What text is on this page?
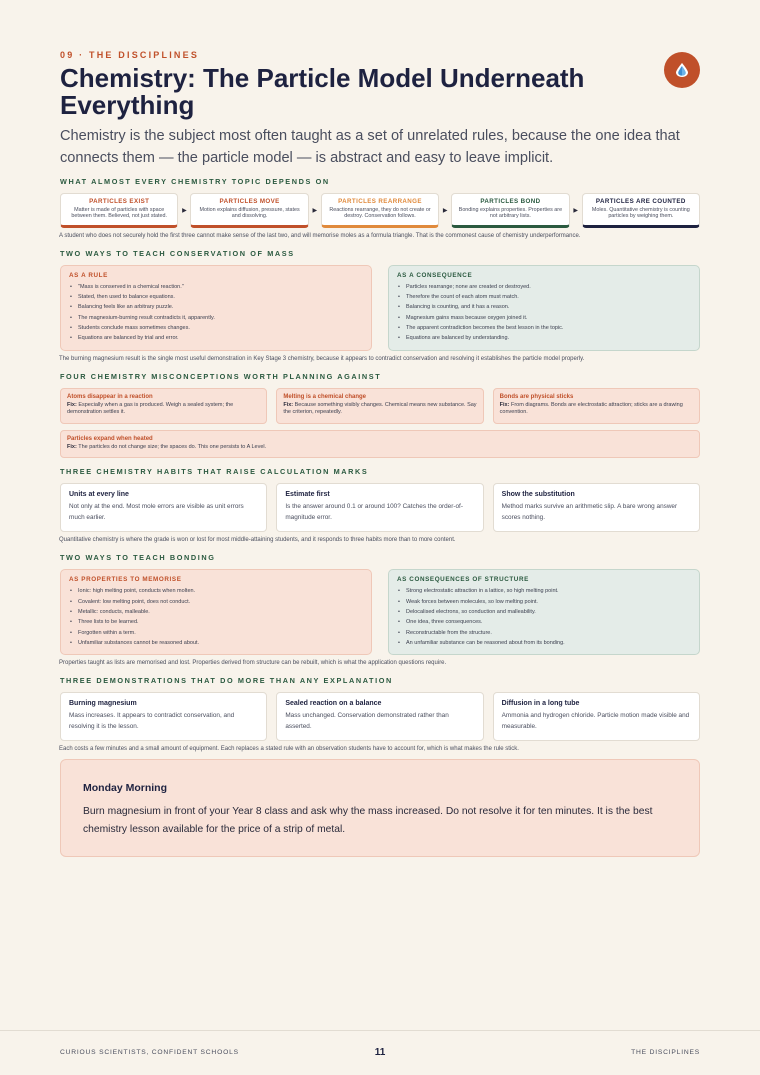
09 · THE DISCIPLINES
Chemistry: The Particle Model Underneath Everything

Chemistry is the subject most often taught as a set of unrelated rules, because the one idea that connects them — the particle model — is abstract and easy to leave implicit.

WHAT ALMOST EVERY CHEMISTRY TOPIC DEPENDS ON
PARTICLES EXIST
Matter is made of particles with space between them. Believed, not just stated.
▶
PARTICLES MOVE
Motion explains diffusion, pressure, states and dissolving.
▶
PARTICLES REARRANGE
Reactions rearrange, they do not create or destroy. Conservation follows.
▶
PARTICLES BOND
Bonding explains properties. Properties are not arbitrary lists.
▶
PARTICLES ARE COUNTED
Moles. Quantitative chemistry is counting particles by weighing them.
A student who does not securely hold the first three cannot make sense of the last two, and will memorise moles as a formula triangle. That is the commonest cause of chemistry underperformance.
TWO WAYS TO TEACH CONSERVATION OF MASS
AS A RULE
• "Mass is conserved in a chemical reaction."
• Stated, then used to balance equations.
• Balancing feels like an arbitrary puzzle.
• The magnesium-burning result contradicts it, apparently.
• Students conclude mass sometimes changes.
• Equations are balanced by trial and error.
AS A CONSEQUENCE
• Particles rearrange; none are created or destroyed.
• Therefore the count of each atom must match.
• Balancing is counting, and it has a reason.
• Magnesium gains mass because oxygen joined it.
• The apparent contradiction becomes the best lesson in the topic.
• Equations are balanced by understanding.
The burning magnesium result is the single most useful demonstration in Key Stage 3 chemistry, because it appears to contradict conservation and resolving it establishes the particle model properly.
FOUR CHEMISTRY MISCONCEPTIONS WORTH PLANNING AGAINST
Atoms disappear in a reaction
Fix: Especially when a gas is produced. Weigh a sealed system; the demonstration settles it.
Melting is a chemical change
Fix: Because something visibly changes. Chemical means new substance. Say the criterion, repeatedly.
Bonds are physical sticks
Fix: From diagrams. Bonds are electrostatic attraction; sticks are a drawing convention.
Particles expand when heated
Fix: The particles do not change size; the spaces do. This one persists to A Level.
THREE CHEMISTRY HABITS THAT RAISE CALCULATION MARKS
Units at every line
Not only at the end. Most mole errors are visible as unit errors much earlier.
Estimate first
Is the answer around 0.1 or around 100? Catches the order-of-magnitude error.
Show the substitution
Method marks survive an arithmetic slip. A bare wrong answer scores nothing.
Quantitative chemistry is where the grade is won or lost for most middle-attaining students, and it responds to three habits more than to more content.
TWO WAYS TO TEACH BONDING
AS PROPERTIES TO MEMORISE
• Ionic: high melting point, conducts when molten.
• Covalent: low melting point, does not conduct.
• Metallic: conducts, malleable.
• Three lists to be learned.
• Forgotten within a term.
• Unfamiliar substances cannot be reasoned about.
AS CONSEQUENCES OF STRUCTURE
• Strong electrostatic attraction in a lattice, so high melting point.
• Weak forces between molecules, so low melting point.
• Delocalised electrons, so conduction and malleability.
• One idea, three consequences.
• Reconstructable from the structure.
• An unfamiliar substance can be reasoned about from its bonding.
Properties taught as lists are memorised and lost. Properties derived from structure can be rebuilt, which is what the application questions require.
THREE DEMONSTRATIONS THAT DO MORE THAN ANY EXPLANATION
Burning magnesium
Mass increases. It appears to contradict conservation, and resolving it is the lesson.
Sealed reaction on a balance
Mass unchanged. Conservation demonstrated rather than asserted.
Diffusion in a long tube
Ammonia and hydrogen chloride. Particle motion made visible and measurable.
Each costs a few minutes and a small amount of equipment. Each replaces a stated rule with an observation students have to account for, which is what makes the rule stick.
Monday Morning
Burn magnesium in front of your Year 8 class and ask why the mass increased. Do not resolve it for ten minutes. It is the best chemistry lesson available for the price of a strip of metal.
CURIOUS SCIENTISTS, CONFIDENT SCHOOLS	11	THE DISCIPLINES
